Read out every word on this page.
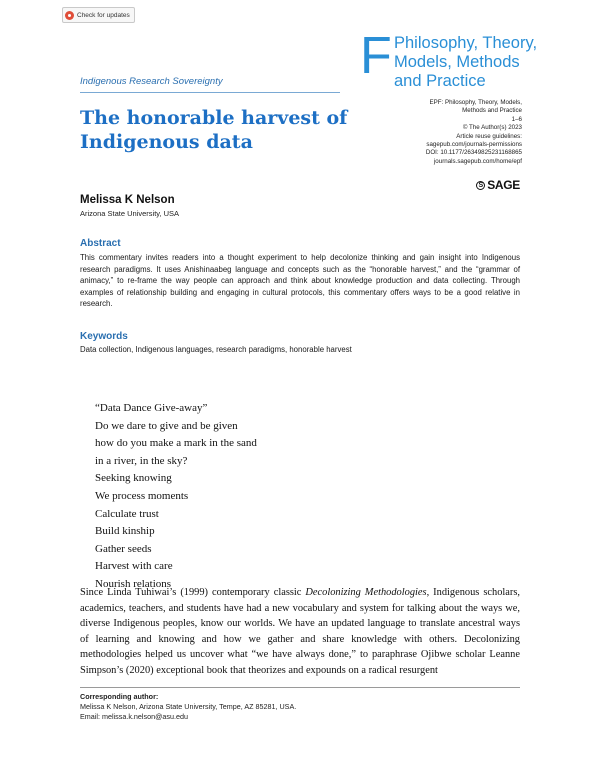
Check for updates
F Philosophy, Theory,
Models, Methods
and Practice
Indigenous Research Sovereignty
The honorable harvest of
Indigenous data
EPF: Philosophy, Theory, Models,
Methods and Practice
1–6
© The Author(s) 2023
Article reuse guidelines:
sagepub.com/journals-permissions
DOI: 10.1177/26349825231168865
journals.sagepub.com/home/epf
S SAGE
Melissa K Nelson
Arizona State University, USA
Abstract
This commentary invites readers into a thought experiment to help decolonize thinking and gain insight into Indigenous research paradigms. It uses Anishinaabeg language and concepts such as the “honorable harvest,” and the “grammar of animacy,” to re-frame the way people can approach and think about knowledge production and data collecting. Through examples of relationship building and engaging in cultural protocols, this commentary offers ways to be a good relative in research.
Keywords
Data collection, Indigenous languages, research paradigms, honorable harvest
“Data Dance Give-away”
Do we dare to give and be given
how do you make a mark in the sand
in a river, in the sky?
Seeking knowing
We process moments
Calculate trust
Build kinship
Gather seeds
Harvest with care
Nourish relations
Since Linda Tuhiwai’s (1999) contemporary classic Decolonizing Methodologies, Indigenous scholars, academics, teachers, and students have had a new vocabulary and system for talking about the ways we, diverse Indigenous peoples, know our worlds. We have an updated language to translate ancestral ways of learning and knowing and how we gather and share knowledge with others. Decolonizing methodologies helped us uncover what “we have always done,” to paraphrase Ojibwe scholar Leanne Simpson’s (2020) exceptional book that theorizes and expounds on a radical resurgent
Corresponding author:
Melissa K Nelson, Arizona State University, Tempe, AZ 85281, USA.
Email: melissa.k.nelson@asu.edu
